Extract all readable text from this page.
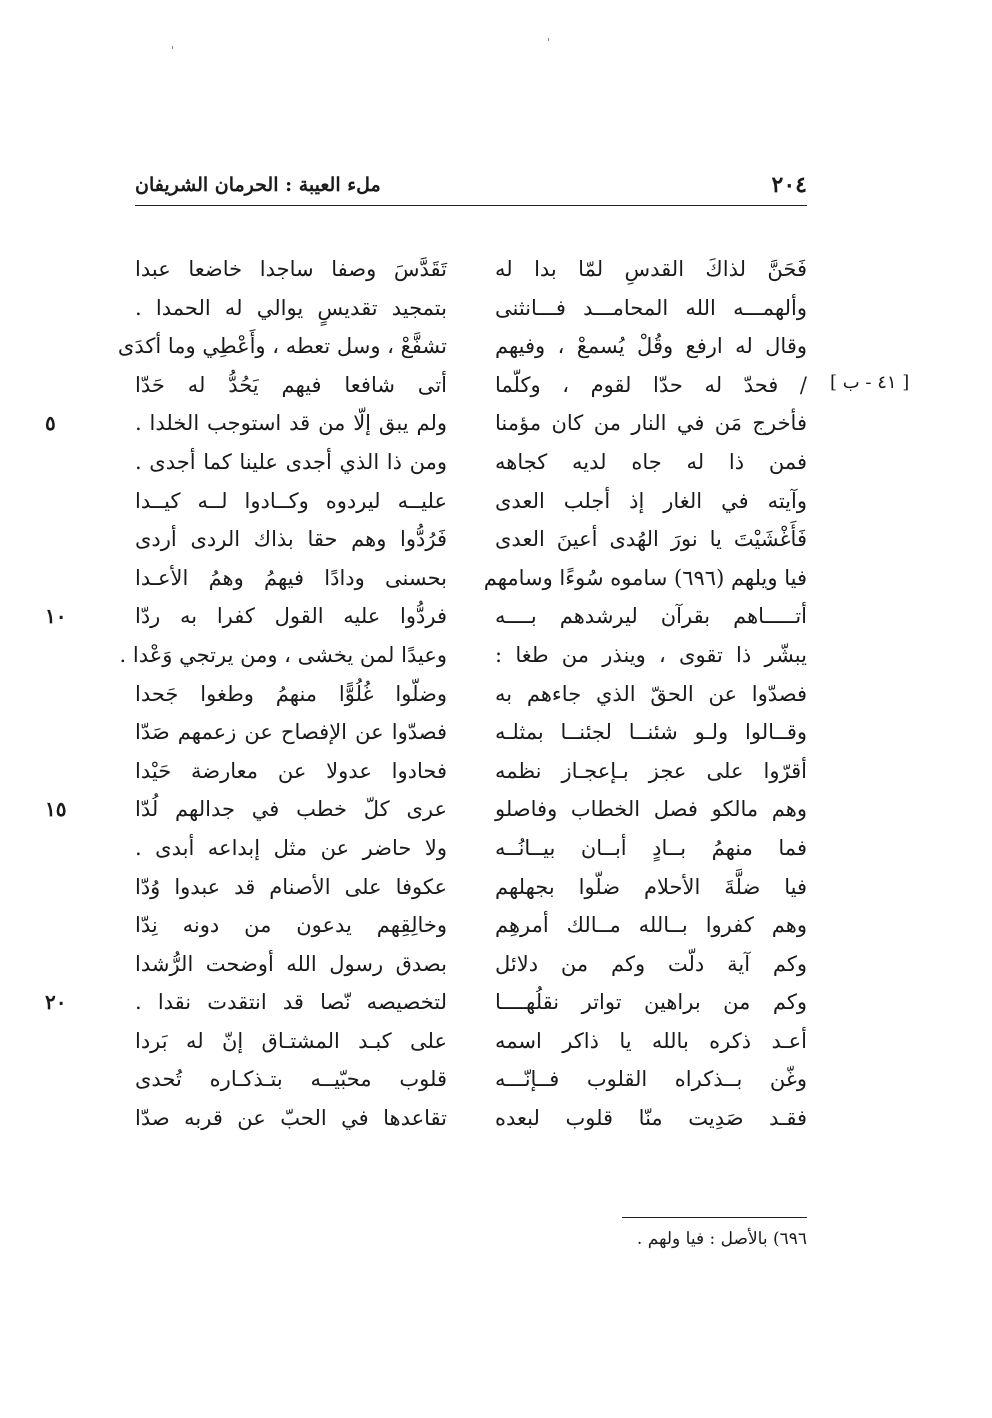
٢٠٤
ملء العيبة : الحرمان الشريفان
[ ٤١ - ب ]
فَحَنَّ لذاكَ القدسِ لمّا بدا له
تَقَدَّسَ وصفا ساجدا خاضعا عبدا
وألهمـــه الله المحامـــد فـــانثنى
بتمجيد تقديسٍ يوالي له الحمدا .
وقال له ارفع وقُلْ يُسمعْ ، وفيهم
تشفَّعْ ، وسل تعطه ، وأَعْطِي وما أكدَى
/ فحدّ له حدّا لقوم ، وكلّما
أتى شافعا فيهم يَحُدُّ له حَدّا
فأخرج مَن في النار من كان مؤمنا
ولم يبق إلّا من قد استوجب الخلدا .
٥
فمن ذا له جاه لديه كجاهه
ومن ذا الذي أجدى علينا كما أجدى .
وآيته في الغار إذ أجلب العدى
عليــه ليردوه وكــادوا لــه كيــدا
فَأَغْشَيْتَ يا نورَ الهُدى أعينَ العدى
فَرُدُّوا وهم حقا بذاك الردى أردى
فيا ويلهم (٦٩٦) ساموه سُوءًا وسامهم
بحسنى ودادًا فيهمُ وهمُ الأعـدا
أتـــــاهم بقرآن ليرشدهم بــــه
فردُّوا عليه القول كفرا به ردّا
١٠
يبشّر ذا تقوى ، وينذر من طغا :
وعيدًا لمن يخشى ، ومن يرتجي وَعْدا .
فصدّوا عن الحقّ الذي جاءهم به
وضلّوا غُلُوًّا منهمُ وطغوا جَحدا
وقــالوا ولـو شئنــا لجئنــا بمثلـه
فصدّوا عن الإفصاح عن زعمهم صَدّا
أقرّوا على عجز بـإعجـاز نظمه
فحادوا عدولا عن معارضة حَيْدا
وهم مالكو فصل الخطاب وفاصلو
عرى كلّ خطب في جدالهم لُدّا
١٥
فما منهمُ بــادٍ أبــان بيــانُــه
ولا حاضر عن مثل إبداعه أبدى .
فيا ضلَّةَ الأحلام ضلّوا بجهلهم
عكوفا على الأصنام قد عبدوا وُدّا
وهم كفروا بــالله مــالك أمرهِم
وخالِقِهم يدعون من دونه نِدّا
وكم آية دلّت وكم من دلائل
بصدق رسول الله أوضحت الرُّشدا
وكم من براهين تواتر نقلُهــــا
لتخصيصه نّصا قد انتقدت نقدا .
٢٠
أعـد ذكره بالله يا ذاكر اسمه
على كبـد المشتـاق إنّ له بَردا
وغّن بــذكراه القلوب فــإنّـــه
قلوب محبّيــه بتـذكـاره تُحدى
فقـد صَدِيت منّا قلوب لبعده
تقاعدها في الحبّ عن قربه صدّا
٦٩٦) بالأصل : فيا ولهم .
